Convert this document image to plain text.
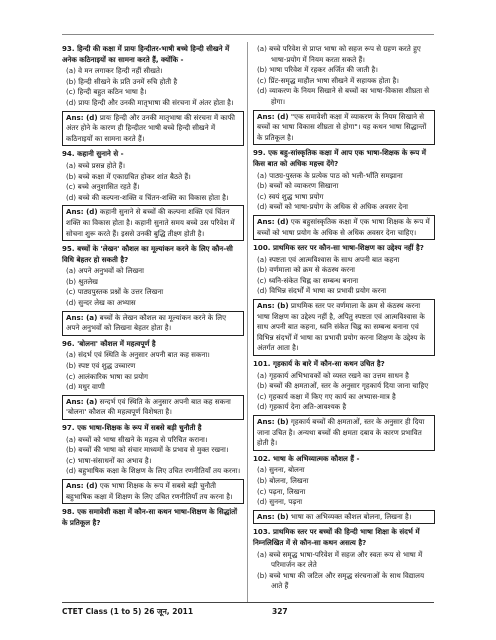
93. हिन्दी की कक्षा में प्रायः हिन्दीतर-भाषी बच्चे हिन्दी सीखने में अनेक कठिनाइयों का सामना करते हैं, क्योंकि -
(a) वे मन लगाकर हिन्दी नहीं सीखते।
(b) हिन्दी सीखने के प्रति उनमें रुचि होती है
(c) हिन्दी बहुत कठिन भाषा है।
(d) प्रायः हिन्दी और उनकी मातृभाषा की संरचना में अंतर होता है।
Ans: (d) प्रायः हिन्दी और उनकी मातृभाषा की संरचना में काफी अंतर होने के कारण ही हिन्दीतर भाषी बच्चे हिन्दी सीखने में कठिनाइयों का सामना करते हैं।
94. कहानी सुनाने से -
(a) बच्चे प्रसन्न होते हैं।
(b) बच्चे कक्षा में एकाग्रचित होकर शांत बैठते हैं।
(c) बच्चे अनुशासित रहते हैं।
(d) बच्चे की कल्पना-शक्ति व चिंतन-शक्ति का विकास होता है।
Ans: (d) कहानी सुनाने से बच्चों की कल्पना शक्ति एवं चिंतन शक्ति का विकास होता है। कहानी सुनाते समय बच्चे उस परिवेश में सोचना शुरू करते हैं। इससे उनकी बुद्धि तीक्ष्ण होती है।
95. बच्चों के 'लेखन' कौशल का मूल्यांकन करने के लिए कौन-सी विधि बेहतर हो सकती है?
(a) अपने अनुभवों को लिखना
(b) श्रुतलेख
(c) पाठ्यपुस्तक प्रश्नों के उत्तर लिखना
(d) सुन्दर लेख का अभ्यास
Ans: (a) बच्चों के लेखन कौशल का मूल्यांकन करने के लिए अपने अनुभवों को लिखना बेहतर होता है।
96. 'बोलना' कौशल में महत्वपूर्ण है
(a) संदर्भ एवं स्थिति के अनुसार अपनी बात कह सकना।
(b) स्पष्ट एवं शुद्ध उच्चारण
(c) आलंकारिक भाषा का प्रयोग
(d) मधुर वाणी
Ans: (a) सन्दर्भ एवं स्थिति के अनुसार अपनी बात कह सकना 'बोलना' कौशल की महत्वपूर्ण विशेषता है।
97. एक भाषा-शिक्षक के रूप में सबसे बड़ी चुनौती है
(a) बच्चों को भाषा सीखने के महत्व से परिचित कराना।
(b) बच्चों की भाषा को संचार माध्यमों के प्रभाव से मुक्त रखना।
(c) भाषा-संसाधनों का अभाव है।
(d) बहुभाषिक कक्षा के शिक्षण के लिए उचित रणनीतियाँ तय करना।
Ans: (d) एक भाषा शिक्षक के रूप में सबसे बड़ी चुनौती बहुभाषिक कक्षा में शिक्षण के लिए उचित रणनीतियाँ तय करना है।
98. एक समावेशी कक्षा में कौन-सा कथन भाषा-शिक्षण के सिद्धांतों के प्रतिकूल है?
(a) बच्चे परिवेश से प्राप्त भाषा को सहज रूप से ग्रहण करते हुए भाषा-प्रयोग में नियम करता सकते हैं।
(b) भाषा परिवेश में रहकर अर्जित की जाती है।
(c) प्रिंट-समृद्ध माहौल भाषा सीखने में सहायक होता है।
(d) व्याकरण के नियम सिखाने से बच्चों का भाषा-विकास शीघ्रता से होगा।
Ans: (d) "एक समावेशी कक्षा में व्याकरण के नियम सिखाने से बच्चों का भाषा विकास शीघ्रता से होगा"। यह कथन भाषा सिद्धान्तों के प्रतिकूल है।
99. एक बहु-सांस्कृतिक कक्षा में आप एक भाषा-शिक्षक के रूप में किस बात को अधिक महत्त्व देंगे?
(a) पाठ्य-पुस्तक के प्रत्येक पाठ को भली-भाँति समझाना
(b) बच्चों को व्याकरण सिखाना
(c) स्वयं शुद्ध भाषा प्रयोग
(d) बच्चों को भाषा-प्रयोग के अधिक से अधिक अवसर देना
Ans: (d) एक बहुसांस्कृतिक कक्षा में एक भाषा शिक्षक के रूप में बच्चों को भाषा प्रयोग के अधिक से अधिक अवसर देना चाहिए।
100. प्राथमिक स्तर पर कौन-सा भाषा-शिक्षण का उद्देश्य नहीं है?
(a) स्पष्टता एवं आत्मविश्वास के साथ अपनी बात कहना
(b) वर्णमाला को क्रम से कंठस्थ करना
(c) ध्वनि-संकेत चिह्न का सम्बन्ध बनाना
(d) विभिन्न संदर्भों में भाषा का प्रभावी प्रयोग करना
Ans: (b) प्राथमिक स्तर पर वर्णमाला के क्रम से कंठस्थ करना भाषा शिक्षण का उद्देश्य नहीं है, अपितु स्पष्टता एवं आत्मविश्वास के साथ अपनी बात कहना, ध्वनि संकेत चिह्न का सम्बन्ध बनाना एवं विभिन्न संदर्भों में भाषा का प्रभावी प्रयोग करना शिक्षण के उद्देश्य के अंतर्गत आता है।
101. गृहकार्य के बारे में कौन-सा कथन उचित है?
(a) गृहकार्य अभिभावकों को व्यस्त रखने का उत्तम साधन है
(b) बच्चों की क्षमताओं, स्तर के अनुसार गृहकार्य दिया जाना चाहिए
(c) गृहकार्य कक्षा में किए गए कार्य का अभ्यास-मात्र है
(d) गृहकार्य देना अति-आवश्यक है
Ans: (b) गृहकार्य बच्चों की क्षमताओं, स्तर के अनुसार ही दिया जाना उचित है। अन्यथा बच्चों की क्षमता दबाव के कारण प्रभावित होती है।
102. भाषा के अभिव्यात्मक कौशल हैं -
(a) सुनना, बोलना
(b) बोलना, लिखना
(c) पढ़ना, लिखना
(d) सुनना, पढ़ना
Ans: (b) भाषा का अभिव्यक्त कौशल बोलना, लिखना है।
103. प्राथमिक स्तर पर बच्चों की हिन्दी भाषा शिक्षा के संदर्भ में निम्नलिखित में से कौन-सा कथन असत्य है?
(a) बच्चे समृद्ध भाषा-परिवेश में सहज और स्वतः रूप से भाषा में परिमार्जन कर लेते
(b) बच्चे भाषा की जटिल और समृद्ध संरचनाओं के साथ विद्यालय आते हैं
CTET Class (1 to 5) 26 जून, 2011	327
